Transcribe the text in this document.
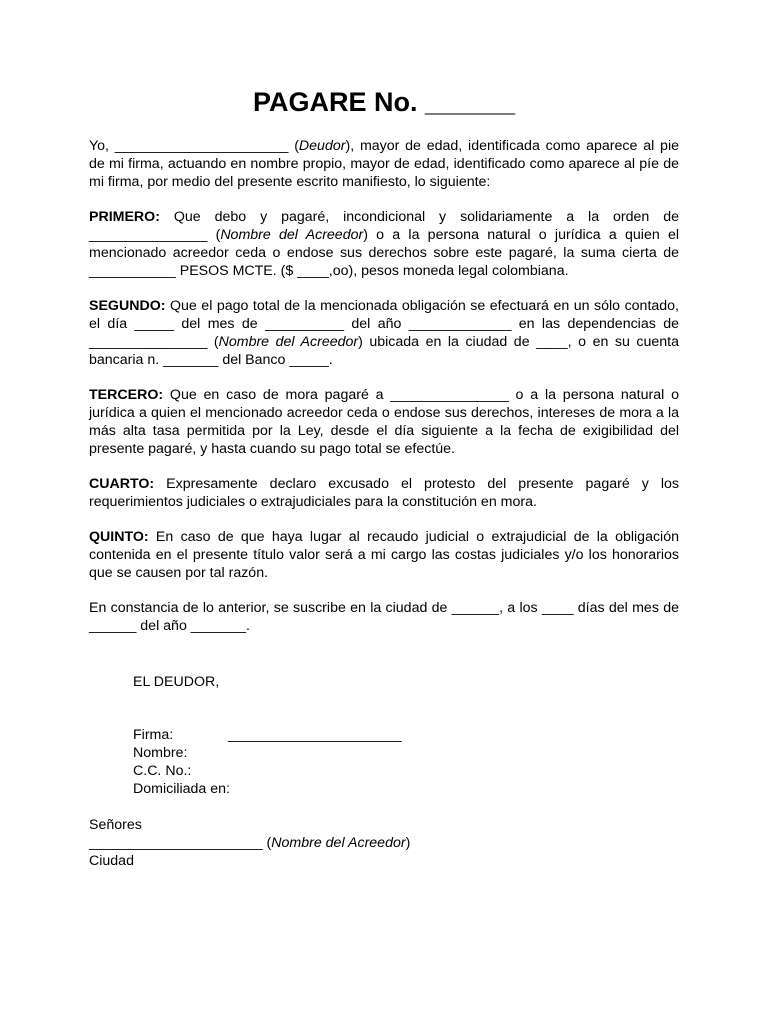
PAGARE No. ______

Yo, ______________________ (Deudor), mayor de edad, identificada como aparece al pie de mi firma, actuando en nombre propio, mayor de edad, identificado como aparece al píe de mi firma, por medio del presente escrito manifiesto, lo siguiente:

PRIMERO: Que debo y pagaré, incondicional y solidariamente a la orden de _______________ (Nombre del Acreedor) o a la persona natural o jurídica a quien el mencionado acreedor ceda o endose sus derechos sobre este pagaré, la suma cierta de ___________ PESOS MCTE. ($ ____,oo), pesos moneda legal colombiana.

SEGUNDO: Que el pago total de la mencionada obligación se efectuará en un sólo contado, el día _____ del mes de __________ del año _____________ en las dependencias de _______________ (Nombre del Acreedor) ubicada en la ciudad de ____, o en su cuenta bancaria n. _______ del Banco _____.

TERCERO: Que en caso de mora pagaré a _______________ o a la persona natural o jurídica a quien el mencionado acreedor ceda o endose sus derechos, intereses de mora a la más alta tasa permitida por la Ley, desde el día siguiente a la fecha de exigibilidad del presente pagaré, y hasta cuando su pago total se efectúe.

CUARTO: Expresamente declaro excusado el protesto del presente pagaré y los requerimientos judiciales o extrajudiciales para la constitución en mora.

QUINTO: En caso de que haya lugar al recaudo judicial o extrajudicial de la obligación contenida en el presente título valor será a mi cargo las costas judiciales y/o los honorarios que se causen por tal razón.

En constancia de lo anterior, se suscribe en la ciudad de ______, a los ____ días del mes de ______ del año _______.

EL DEUDOR,
Firma:	______________________
Nombre:
C.C. No.:
Domiciliada en:
Señores
______________________ (Nombre del Acreedor)
Ciudad
